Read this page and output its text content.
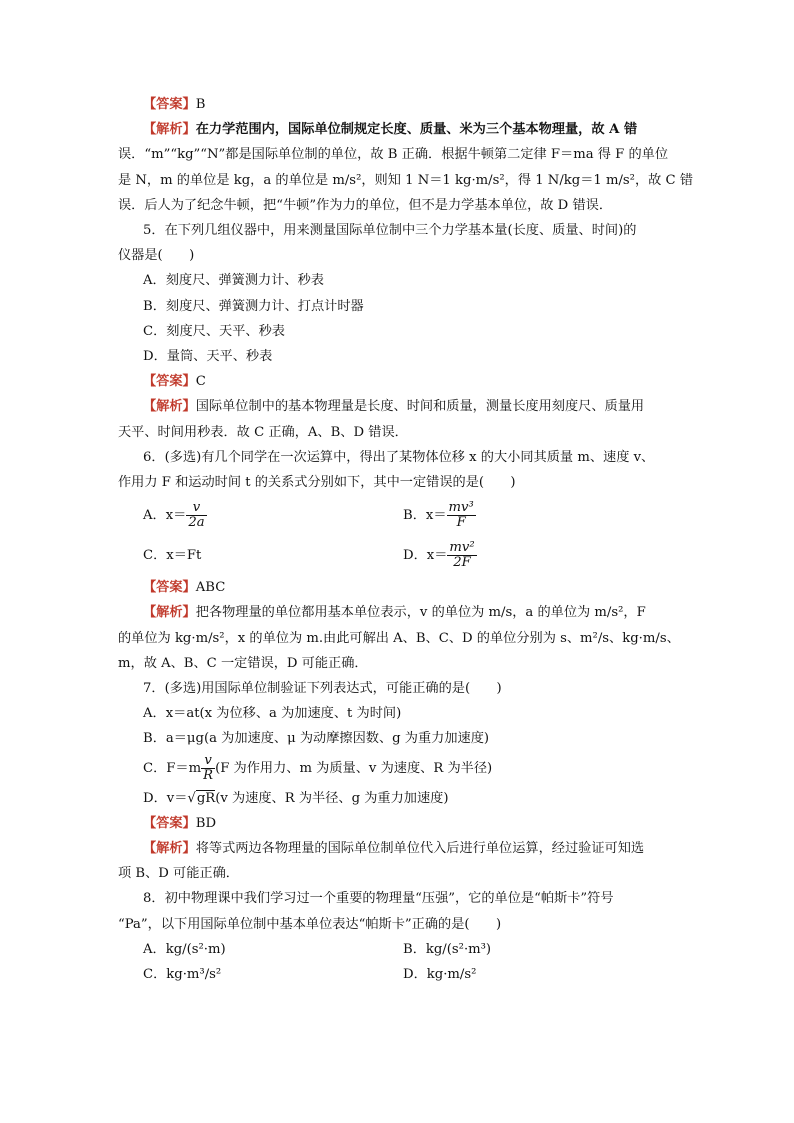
【答案】B

【解析】在力学范围内，国际单位制规定长度、质量、米为三个基本物理量，故 A 错

误．“m”“kg”“N”都是国际单位制的单位，故 B 正确．根据牛顿第二定律 F＝ma 得 F 的单位

是 N，m 的单位是 kg，a 的单位是 m/s²，则知 1 N＝1 kg·m/s²，得 1 N/kg＝1 m/s²，故 C 错

误．后人为了纪念牛顿，把“牛顿”作为力的单位，但不是力学基本单位，故 D 错误．

5．在下列几组仪器中，用来测量国际单位制中三个力学基本量(长度、质量、时间)的

仪器是(　　)

A．刻度尺、弹簧测力计、秒表

B．刻度尺、弹簧测力计、打点计时器

C．刻度尺、天平、秒表

D．量筒、天平、秒表

【答案】C

【解析】国际单位制中的基本物理量是长度、时间和质量，测量长度用刻度尺、质量用

天平、时间用秒表．故 C 正确，A、B、D 错误．

6．(多选)有几个同学在一次运算中，得出了某物体位移 x 的大小同其质量 m、速度 v、

作用力 F 和运动时间 t 的关系式分别如下，其中一定错误的是(　　)

A．$x= \frac{v}{2a}$	B．$x= \frac{\text{mv³}}{F}$
C．x＝Ft	D．$x= \frac{\text{mv²}}{2F}$

【答案】ABC

【解析】把各物理量的单位都用基本单位表示，v 的单位为 m/s，a 的单位为 m/s²，F

的单位为 kg·m/s²，x 的单位为 m.由此可解出 A、B、C、D 的单位分别为 s、m²/s、kg·m/s、

m，故 A、B、C 一定错误，D 可能正确．

7．(多选)用国际单位制验证下列表达式，可能正确的是(　　)

A．x＝at(x 为位移、a 为加速度、t 为时间)

B．a＝μg(a 为加速度、μ 为动摩擦因数、g 为重力加速度)

C．$F=m \frac{v}{R} (F$ 为作用力、m 为质量、v 为速度、R 为半径)

D．v＝√gR(v 为速度、R 为半径、g 为重力加速度)

【答案】BD

【解析】将等式两边各物理量的国际单位制单位代入后进行单位运算，经过验证可知选

项 B、D 可能正确．

8．初中物理课中我们学习过一个重要的物理量“压强”，它的单位是“帕斯卡”符号

“Pa”，以下用国际单位制中基本单位表达“帕斯卡”正确的是(　　)

A．kg/(s²·m)	B．kg/(s²·m³)
C．kg·m³/s²	D．kg·m/s²
